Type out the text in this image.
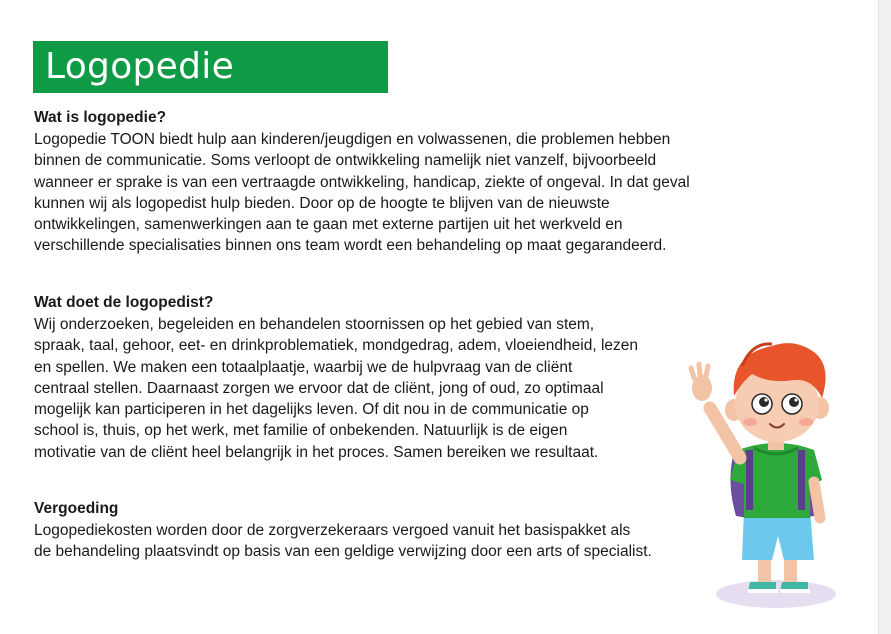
Logopedie
Wat is logopedie?

Logopedie TOON biedt hulp aan kinderen/jeugdigen en volwassenen, die problemen hebben
binnen de communicatie. Soms verloopt de ontwikkeling namelijk niet vanzelf, bijvoorbeeld
wanneer er sprake is van een vertraagde ontwikkeling, handicap, ziekte of ongeval. In dat geval
kunnen wij als logopedist hulp bieden. Door op de hoogte te blijven van de nieuwste
ontwikkelingen, samenwerkingen aan te gaan met externe partijen uit het werkveld en
verschillende specialisaties binnen ons team wordt een behandeling op maat gegarandeerd.

Wat doet de logopedist?

Wij onderzoeken, begeleiden en behandelen stoornissen op het gebied van stem,
spraak, taal, gehoor, eet- en drinkproblematiek, mondgedrag, adem, vloeiendheid, lezen
en spellen. We maken een totaalplaatje, waarbij we de hulpvraag van de cliënt
centraal stellen. Daarnaast zorgen we ervoor dat de cliënt, jong of oud, zo optimaal
mogelijk kan participeren in het dagelijks leven. Of dit nou in de communicatie op
school is, thuis, op het werk, met familie of onbekenden. Natuurlijk is de eigen
motivatie van de cliënt heel belangrijk in het proces. Samen bereiken we resultaat.

Vergoeding

Logopediekosten worden door de zorgverzekeraars vergoed vanuit het basispakket als
de behandeling plaatsvindt op basis van een geldige verwijzing door een arts of specialist.
